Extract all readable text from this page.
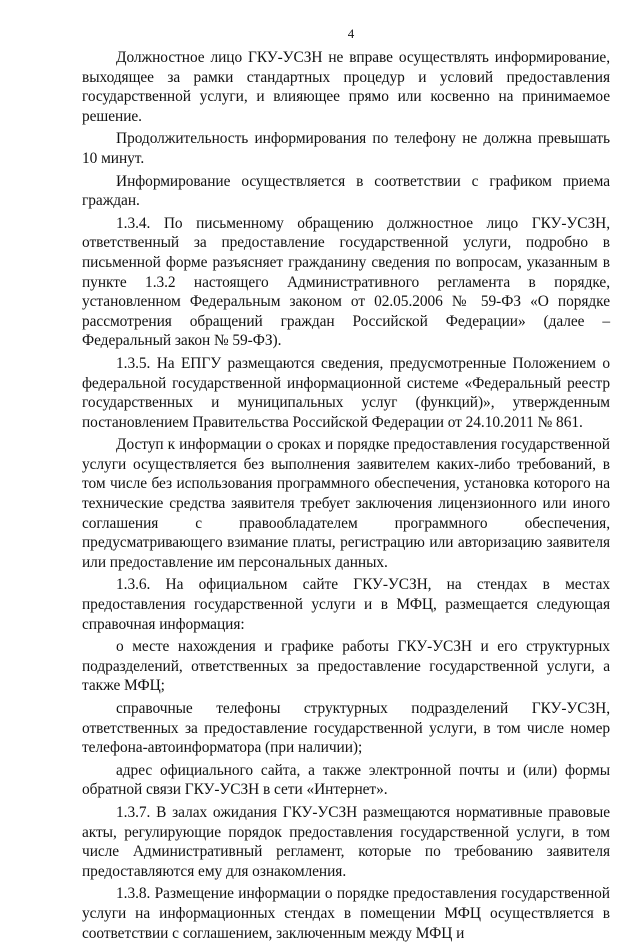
4

Должностное лицо ГКУ-УСЗН не вправе осуществлять информирование, выходящее за рамки стандартных процедур и условий предоставления государственной услуги, и влияющее прямо или косвенно на принимаемое решение.

Продолжительность информирования по телефону не должна превышать 10 минут.

Информирование осуществляется в соответствии с графиком приема граждан.

1.3.4. По письменному обращению должностное лицо ГКУ-УСЗН, ответственный за предоставление государственной услуги, подробно в письменной форме разъясняет гражданину сведения по вопросам, указанным в пункте 1.3.2 настоящего Административного регламента в порядке, установленном Федеральным законом от 02.05.2006 № 59-ФЗ «О порядке рассмотрения обращений граждан Российской Федерации» (далее – Федеральный закон № 59-ФЗ).

1.3.5. На ЕПГУ размещаются сведения, предусмотренные Положением о федеральной государственной информационной системе «Федеральный реестр государственных и муниципальных услуг (функций)», утвержденным постановлением Правительства Российской Федерации от 24.10.2011 № 861.

Доступ к информации о сроках и порядке предоставления государственной услуги осуществляется без выполнения заявителем каких-либо требований, в том числе без использования программного обеспечения, установка которого на технические средства заявителя требует заключения лицензионного или иного соглашения с правообладателем программного обеспечения, предусматривающего взимание платы, регистрацию или авторизацию заявителя или предоставление им персональных данных.

1.3.6. На официальном сайте ГКУ-УСЗН, на стендах в местах предоставления государственной услуги и в МФЦ, размещается следующая справочная информация:

о месте нахождения и графике работы ГКУ-УСЗН и его структурных подразделений, ответственных за предоставление государственной услуги, а также МФЦ;

справочные телефоны структурных подразделений ГКУ-УСЗН, ответственных за предоставление государственной услуги, в том числе номер телефона-автоинформатора (при наличии);

адрес официального сайта, а также электронной почты и (или) формы обратной связи ГКУ-УСЗН в сети «Интернет».

1.3.7. В залах ожидания ГКУ-УСЗН размещаются нормативные правовые акты, регулирующие порядок предоставления государственной услуги, в том числе Административный регламент, которые по требованию заявителя предоставляются ему для ознакомления.

1.3.8. Размещение информации о порядке предоставления государственной услуги на информационных стендах в помещении МФЦ осуществляется в соответствии с соглашением, заключенным между МФЦ и
